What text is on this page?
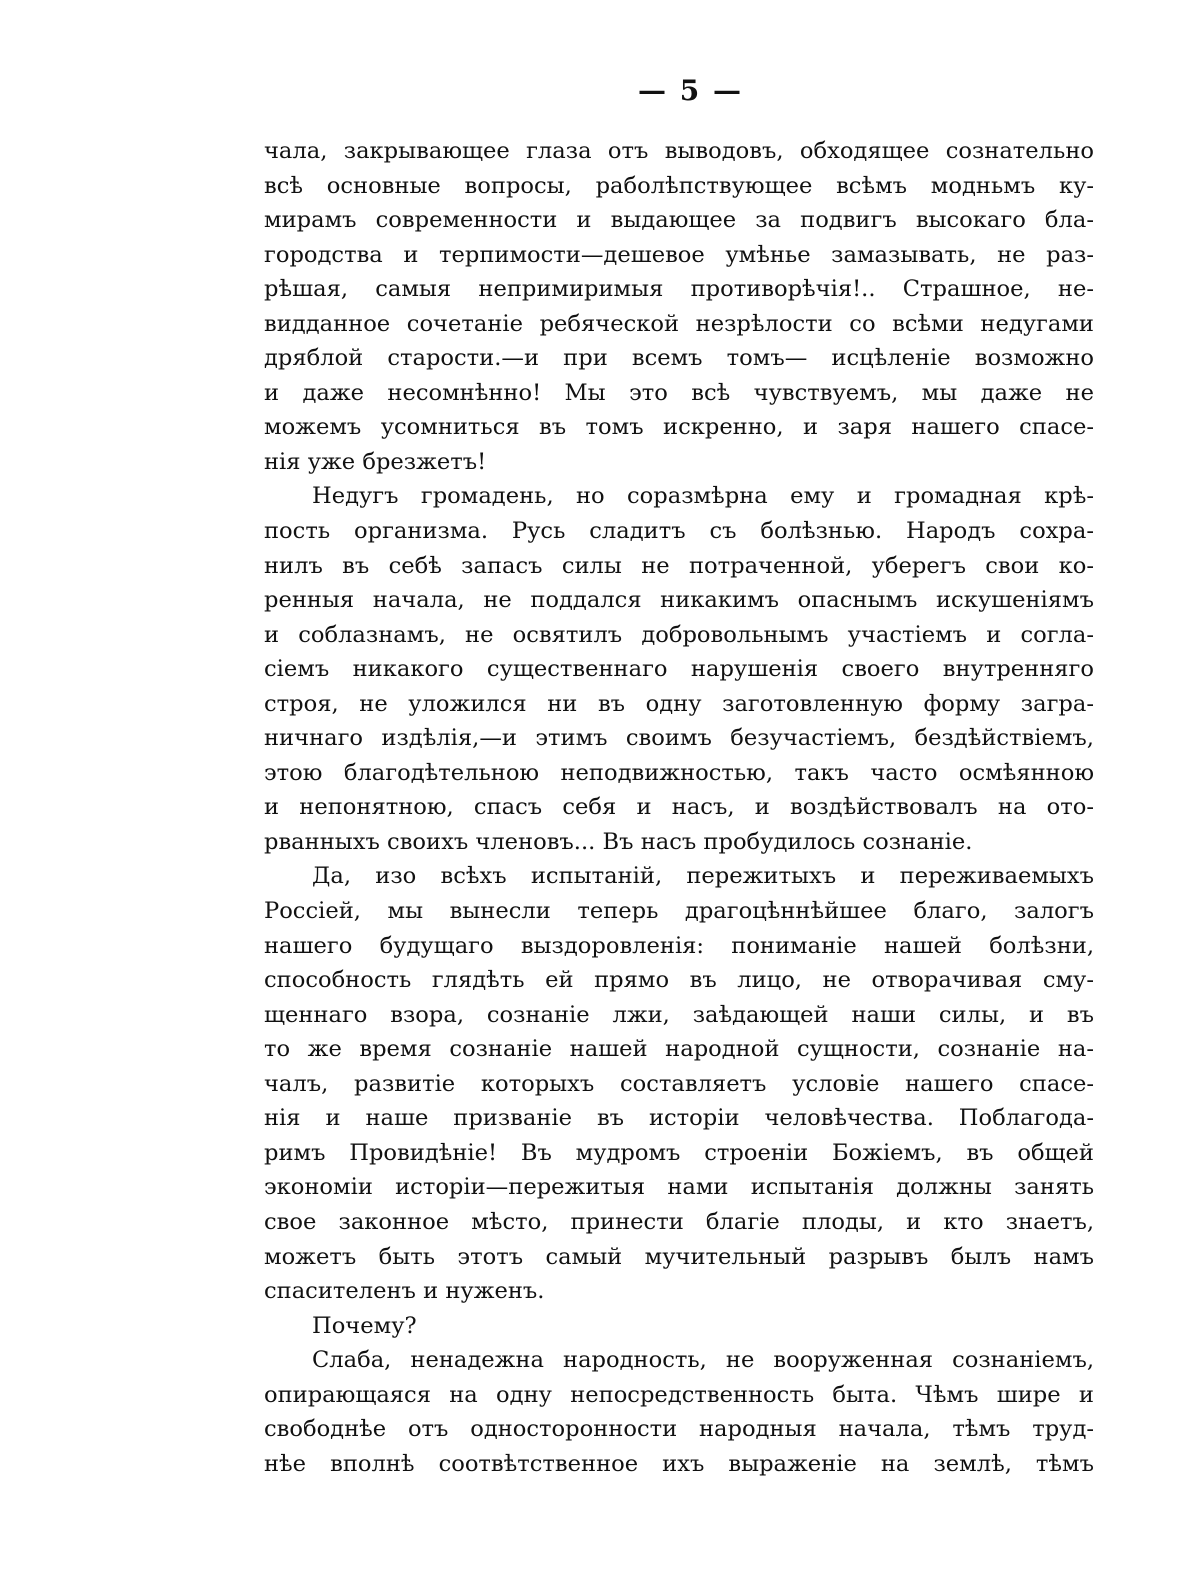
— 5 —
чала, закрывающее глаза отъ выводовъ, обходящее сознательно
всѣ основные вопросы, раболѣпствующее всѣмъ модньмъ ку-
мирамъ современности и выдающее за подвигъ высокаго бла-
городства и терпимости—дешевое умѣнье замазывать, не раз-
рѣшая, самыя непримиримыя противорѣчія!.. Страшное, не-
видданное сочетаніе ребяческой незрѣлости со всѣми недугами
дряблой старости.—и при всемъ томъ— исцѣленіе возможно
и даже несомнѣнно! Мы это всѣ чувствуемъ, мы даже не
можемъ усомниться въ томъ искренно, и заря нашего спасе-
нія уже брезжетъ!
Недугъ громадень, но соразмѣрна ему и громадная крѣ-
пость организма. Русь сладитъ съ болѣзнью. Народъ сохра-
нилъ въ себѣ запасъ силы не потраченной, уберегъ свои ко-
ренныя начала, не поддался никакимъ опаснымъ искушеніямъ
и соблазнамъ, не освятилъ добровольнымъ участіемъ и согла-
сіемъ никакого существеннаго нарушенія своего внутренняго
строя, не уложился ни въ одну заготовленную форму загра-
ничнаго издѣлія,—и этимъ своимъ безучастіемъ, бездѣйствіемъ,
этою благодѣтельною неподвижностью, такъ часто осмѣянною
и непонятною, спасъ себя и насъ, и воздѣйствовалъ на ото-
рванныхъ своихъ членовъ... Въ насъ пробудилось сознаніе.
Да, изо всѣхъ испытаній, пережитыхъ и переживаемыхъ
Россіей, мы вынесли теперь драгоцѣннѣйшее благо, залогъ
нашего будущаго выздоровленія: пониманіе нашей болѣзни,
способность глядѣть ей прямо въ лицо, не отворачивая сму-
щеннаго взора, сознаніе лжи, заѣдающей наши силы, и въ
то же время сознаніе нашей народной сущности, сознаніе на-
чалъ, развитіе которыхъ составляетъ условіе нашего спасе-
нія и наше призваніе въ исторіи человѣчества. Поблагода-
римъ Провидѣніе! Въ мудромъ строеніи Божіемъ, въ общей
экономіи исторіи—пережитыя нами испытанія должны занять
свое законное мѣсто, принести благіе плоды, и кто знаетъ,
можетъ быть этотъ самый мучительный разрывъ былъ намъ
спасителенъ и нуженъ.
Почему?
Слаба, ненадежна народность, не вооруженная сознаніемъ,
опирающаяся на одну непосредственность быта. Чѣмъ шире и
свободнѣе отъ односторонности народныя начала, тѣмъ труд-
нѣе вполнѣ соотвѣтственное ихъ выраженіе на землѣ, тѣмъ
